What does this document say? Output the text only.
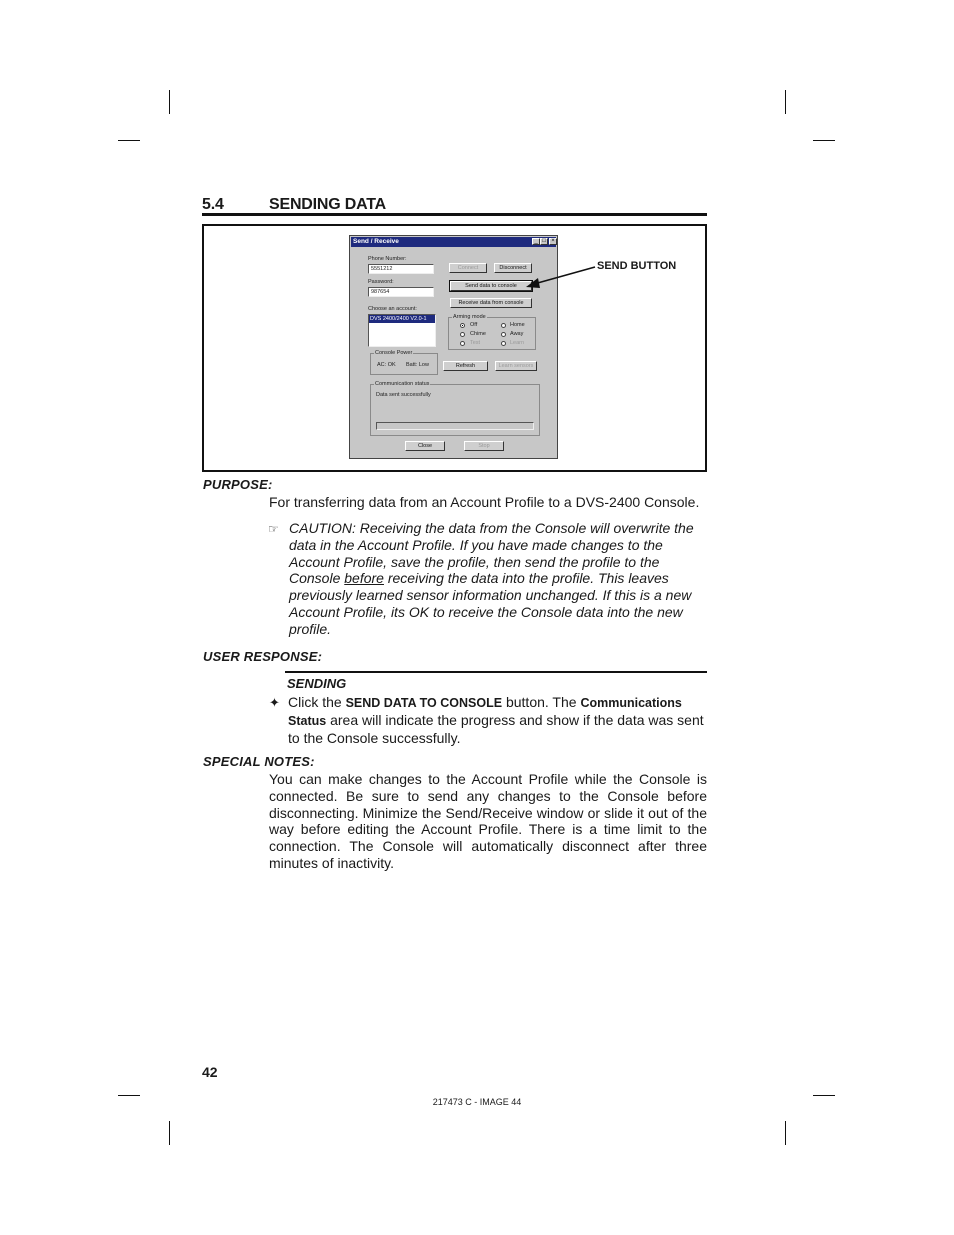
5.4	SENDING DATA
Send / Receive	_ □ ×
Phone Number:
5551212
Password:
987654
Choose an account:
DVS 2400/2400 V2.0-1
Connect	Disconnect
Send data to console
Receive data from console
Arming mode
Off	Home
Chime	Away
Test	Learn
Console Power
AC: OK Batt: Low	Refresh	Learn sensors
Communication status
Data sent successfully
Close	Stop
SEND BUTTON
PURPOSE:
For transferring data from an Account Profile to a DVS-2400 Console.
☞ CAUTION: Receiving the data from the Console will overwrite the data in the Account Profile. If you have made changes to the Account Profile, save the profile, then send the profile to the Console before receiving the data into the profile. This leaves previously learned sensor information unchanged. If this is a new Account Profile, its OK to receive the Console data into the new profile.
USER RESPONSE:
SENDING
✦ Click the SEND DATA TO CONSOLE button. The Communications Status area will indicate the progress and show if the data was sent to the Console successfully.
SPECIAL NOTES:
You can make changes to the Account Profile while the Console is connected. Be sure to send any changes to the Console before disconnecting. Minimize the Send/Receive window or slide it out of the way before editing the Account Profile. There is a time limit to the connection. The Console will automatically disconnect after three minutes of inactivity.
42
217473 C - IMAGE 44
